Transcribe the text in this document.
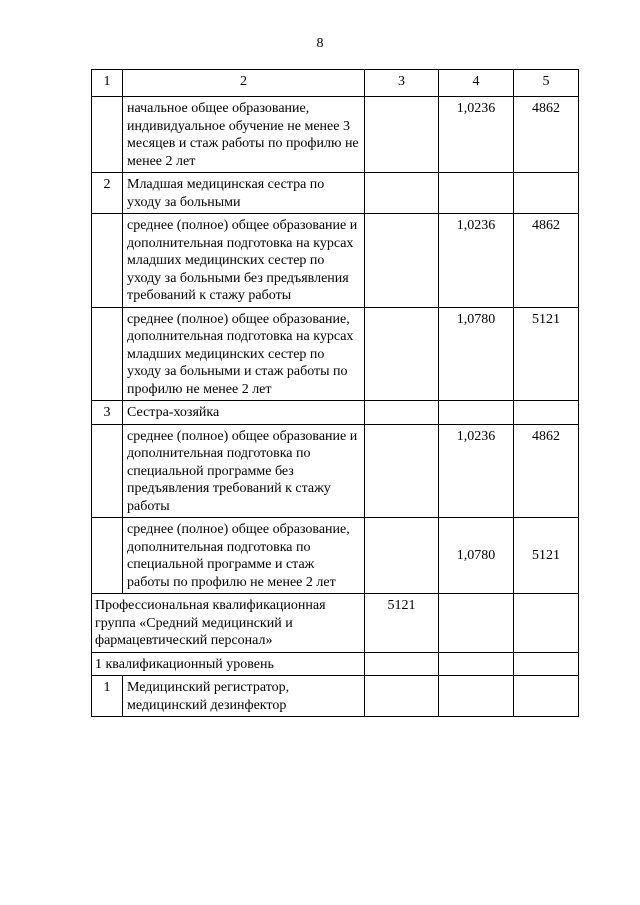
8
1	2	3	4	5
	начальное общее образование, индивидуальное обучение не менее 3 месяцев и стаж работы по профилю не менее 2 лет		1,0236	4862
2	Младшая медицинская сестра по уходу за больными			
	среднее (полное) общее образование и дополнительная подготовка на курсах младших медицинских сестер по уходу за больными без предъявления требований к стажу работы		1,0236	4862
	среднее (полное) общее образование, дополнительная подготовка на курсах младших медицинских сестер по уходу за больными и стаж работы по профилю не менее 2 лет		1,0780	5121
3	Сестра-хозяйка			
	среднее (полное) общее образование и дополнительная подготовка по специальной программе без предъявления требований к стажу работы		1,0236	4862
	среднее (полное) общее образование, дополнительная подготовка по специальной программе и стаж работы по профилю не менее 2 лет		1,0780	5121
Профессиональная квалификационная группа «Средний медицинский и фармацевтический персонал»		5121		
1 квалификационный уровень				
1	Медицинский регистратор, медицинский дезинфектор			
